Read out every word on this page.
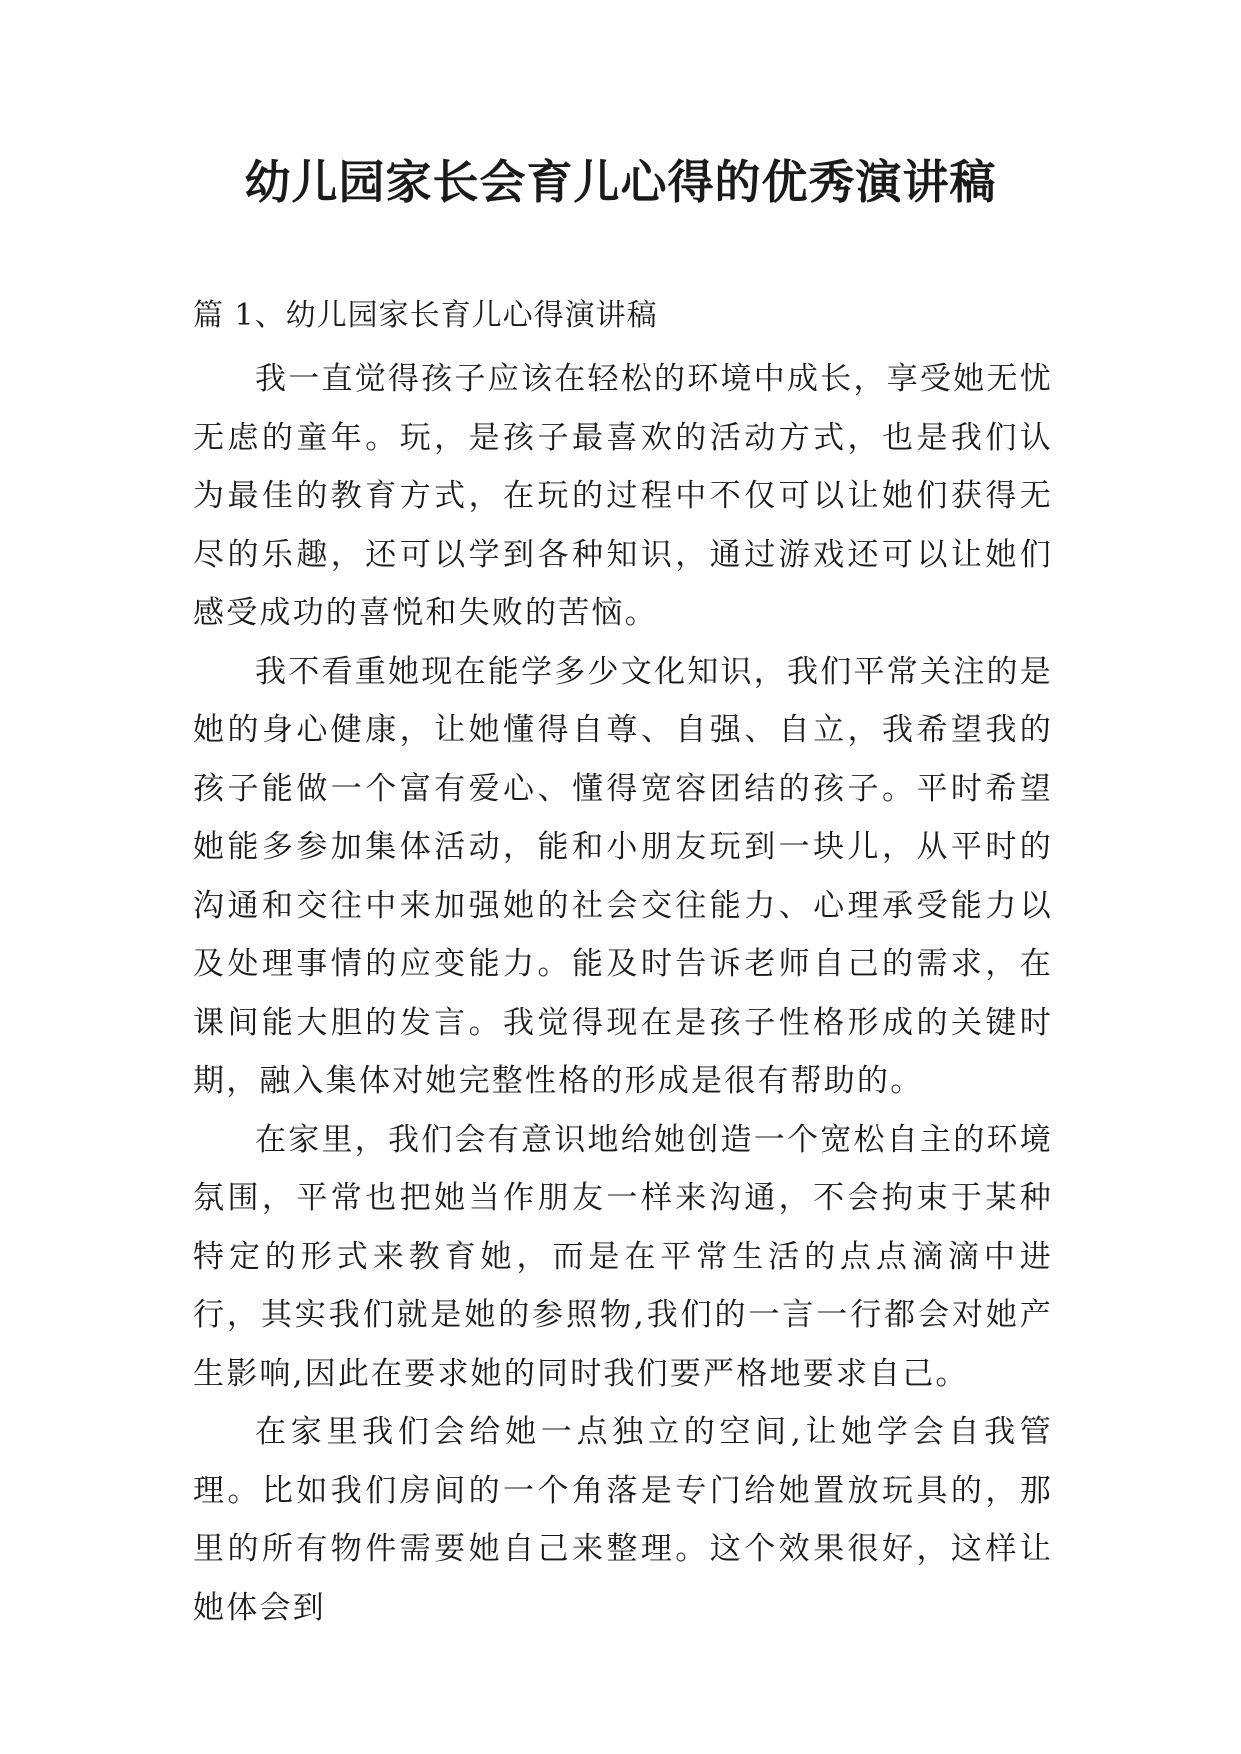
幼儿园家长会育儿心得的优秀演讲稿

篇 1、幼儿园家长育儿心得演讲稿

我一直觉得孩子应该在轻松的环境中成长，享受她无忧无虑的童年。玩，是孩子最喜欢的活动方式，也是我们认为最佳的教育方式，在玩的过程中不仅可以让她们获得无尽的乐趣，还可以学到各种知识，通过游戏还可以让她们感受成功的喜悦和失败的苦恼。

我不看重她现在能学多少文化知识，我们平常关注的是她的身心健康，让她懂得自尊、自强、自立，我希望我的孩子能做一个富有爱心、懂得宽容团结的孩子。平时希望她能多参加集体活动，能和小朋友玩到一块儿，从平时的沟通和交往中来加强她的社会交往能力、心理承受能力以及处理事情的应变能力。能及时告诉老师自己的需求，在课间能大胆的发言。我觉得现在是孩子性格形成的关键时期，融入集体对她完整性格的形成是很有帮助的。

在家里，我们会有意识地给她创造一个宽松自主的环境氛围，平常也把她当作朋友一样来沟通，不会拘束于某种特定的形式来教育她，而是在平常生活的点点滴滴中进行，其实我们就是她的参照物,我们的一言一行都会对她产生影响,因此在要求她的同时我们要严格地要求自己。

在家里我们会给她一点独立的空间,让她学会自我管理。比如我们房间的一个角落是专门给她置放玩具的，那里的所有物件需要她自己来整理。这个效果很好，这样让她体会到
